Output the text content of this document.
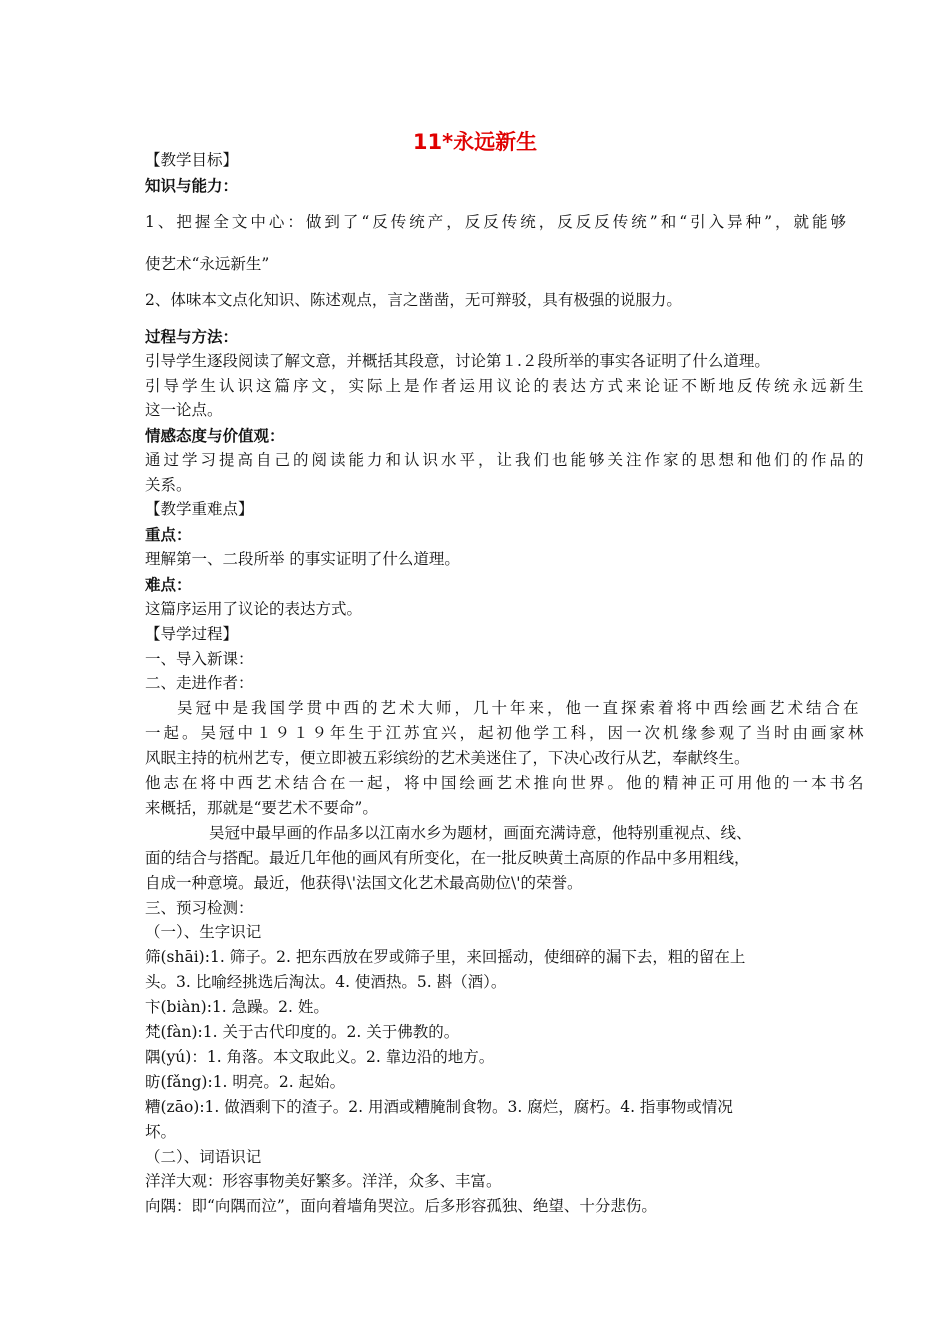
11*永远新生
【教学目标】
知识与能力：
1、把握全文中心：做到了“反传统产，反反传统，反反反传统”和“引入异种”，就能够
使艺术“永远新生”
2、体味本文点化知识、陈述观点，言之凿凿，无可辩驳，具有极强的说服力。
过程与方法：
引导学生逐段阅读了解文意，并概括其段意，讨论第１.２段所举的事实各证明了什么道理。
引导学生认识这篇序文，实际上是作者运用议论的表达方式来论证不断地反传统永远新生
这一论点。
情感态度与价值观：
通过学习提高自己的阅读能力和认识水平，让我们也能够关注作家的思想和他们的作品的
关系。
【教学重难点】
重点：
理解第一、二段所举 的事实证明了什么道理。
难点：
这篇序运用了议论的表达方式。
【导学过程】
一、导入新课：
二、走进作者：
吴冠中是我国学贯中西的艺术大师，几十年来，他一直探索着将中西绘画艺术结合在
一起。吴冠中１９１９年生于江苏宜兴，起初他学工科，因一次机缘参观了当时由画家林
风眠主持的杭州艺专，便立即被五彩缤纷的艺术美迷住了，下决心改行从艺，奉献终生。
他志在将中西艺术结合在一起，将中国绘画艺术推向世界。他的精神正可用他的一本书名
来概括，那就是“要艺术不要命”。
吴冠中最早画的作品多以江南水乡为题材，画面充满诗意，他特别重视点、线、
面的结合与搭配。最近几年他的画风有所变化，在一批反映黄土高原的作品中多用粗线，
自成一种意境。最近，他获得\'法国文化艺术最高勋位\'的荣誉。
三、预习检测：
（一）、生字识记
筛(shāi):1. 筛子。2. 把东西放在罗或筛子里，来回摇动，使细碎的漏下去，粗的留在上
头。3. 比喻经挑选后淘汰。4. 使酒热。5. 斟（酒）。
卞(biàn):1. 急躁。2. 姓。
梵(fàn):1. 关于古代印度的。2. 关于佛教的。
隅(yú)：1. 角落。本文取此义。2. 靠边沿的地方。
昉(fǎng):1. 明亮。2. 起始。
糟(zāo):1. 做酒剩下的渣子。2. 用酒或糟腌制食物。3. 腐烂，腐朽。4. 指事物或情况
坏。
（二）、词语识记
洋洋大观：形容事物美好繁多。洋洋，众多、丰富。
向隅：即“向隅而泣”，面向着墙角哭泣。后多形容孤独、绝望、十分悲伤。
